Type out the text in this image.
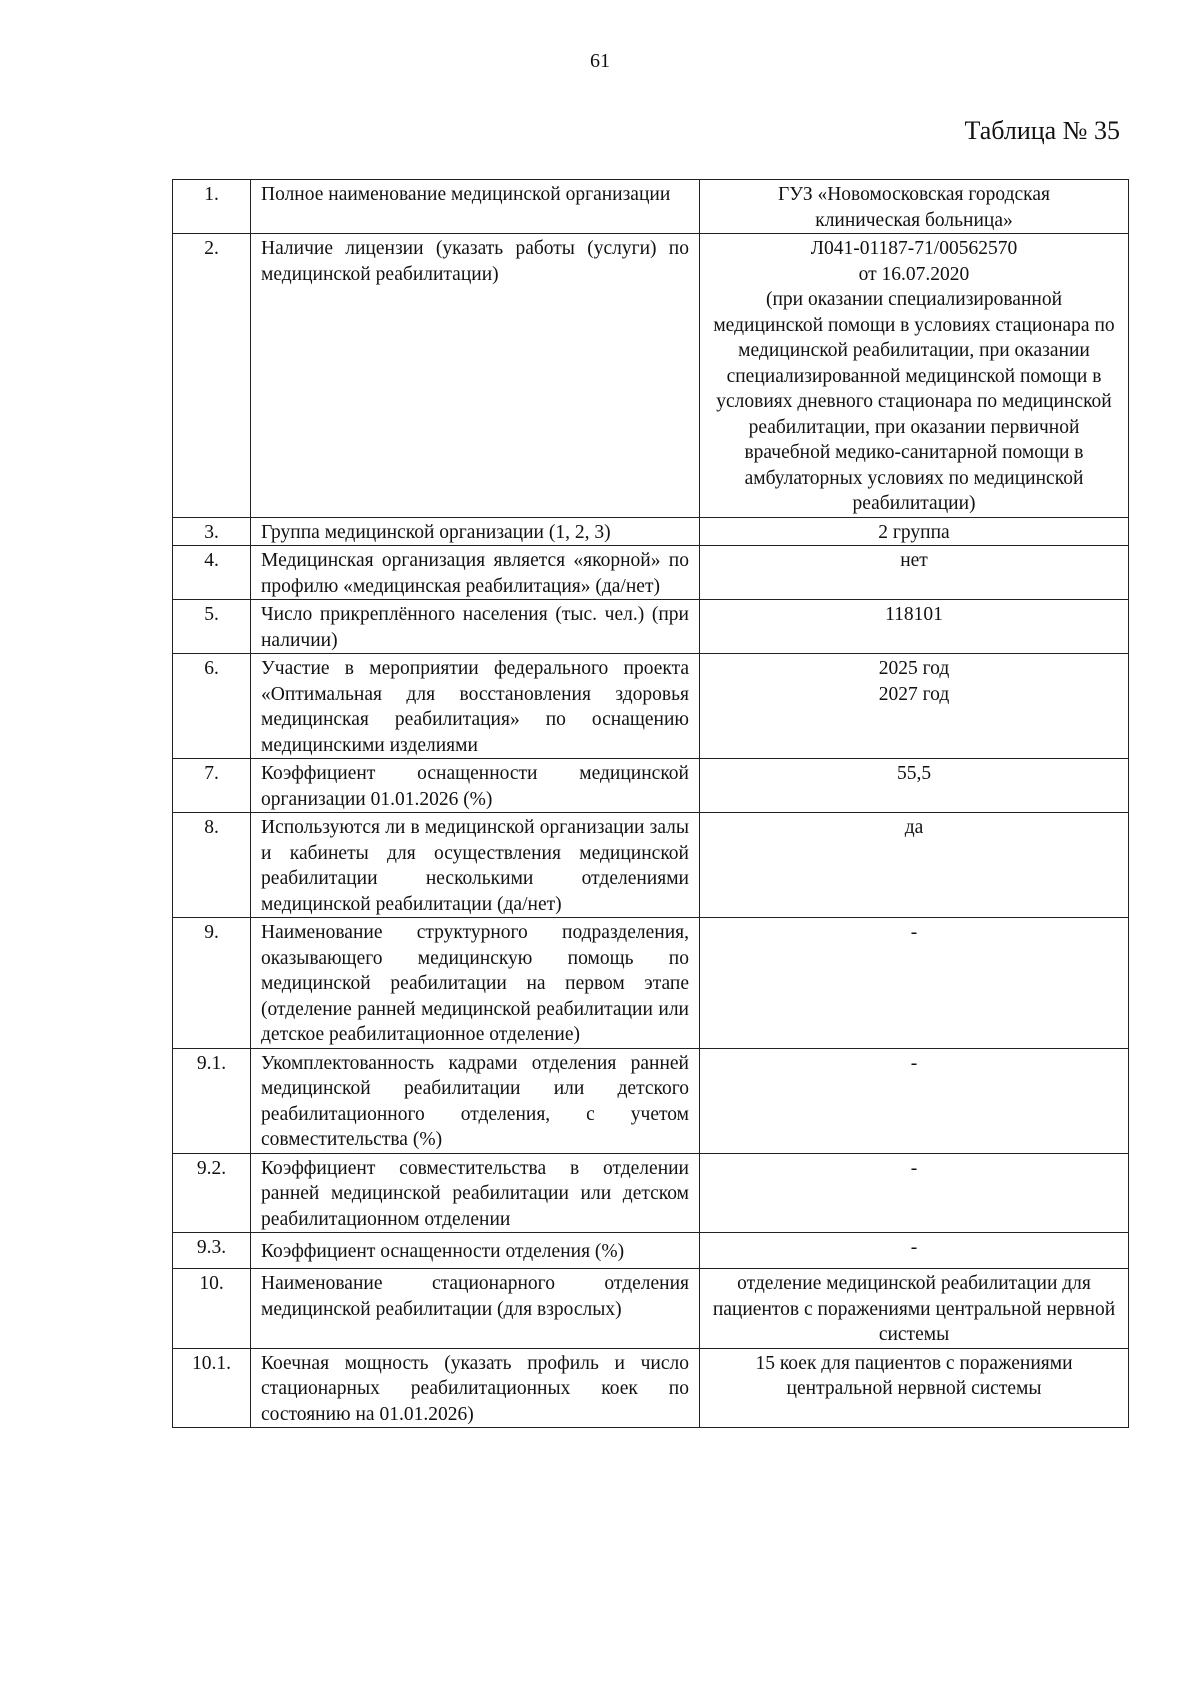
61
Таблица № 35
1.	Полное наименование медицинской организации	ГУЗ «Новомосковская городская
клиническая больница»
2.	Наличие лицензии (указать работы (услуги) по медицинской реабилитации)	Л041-01187-71/00562570
от 16.07.2020
(при оказании специализированной медицинской помощи в условиях стационара по медицинской реабилитации, при оказании специализированной медицинской помощи в условиях дневного стационара по медицинской реабилитации, при оказании первичной врачебной медико-санитарной помощи в амбулаторных условиях по медицинской реабилитации)
3.	Группа медицинской организации (1, 2, 3)	2 группа
4.	Медицинская организация является «якорной» по профилю «медицинская реабилитация» (да/нет)	нет
5.	Число прикреплённого населения (тыс. чел.) (при наличии)	118101
6.	Участие в мероприятии федерального проекта «Оптимальная для восстановления здоровья медицинская реабилитация» по оснащению медицинскими изделиями	2025 год
2027 год
7.	Коэффициент оснащенности медицинской организации 01.01.2026 (%)	55,5
8.	Используются ли в медицинской организации залы и кабинеты для осуществления медицинской реабилитации несколькими отделениями медицинской реабилитации (да/нет)	да
9.	Наименование структурного подразделения, оказывающего медицинскую помощь по медицинской реабилитации на первом этапе (отделение ранней медицинской реабилитации или детское реабилитационное отделение)	-
9.1.	Укомплектованность кадрами отделения ранней медицинской реабилитации или детского реабилитационного отделения, с учетом совместительства (%)	-
9.2.	Коэффициент совместительства в отделении ранней медицинской реабилитации или детском реабилитационном отделении	-
9.3.	Коэффициент оснащенности отделения (%)	-
10.	Наименование стационарного отделения медицинской реабилитации (для взрослых)	отделение медицинской реабилитации для пациентов с поражениями центральной нервной системы
10.1.	Коечная мощность (указать профиль и число стационарных реабилитационных коек по состоянию на 01.01.2026)	15 коек для пациентов с поражениями центральной нервной системы
